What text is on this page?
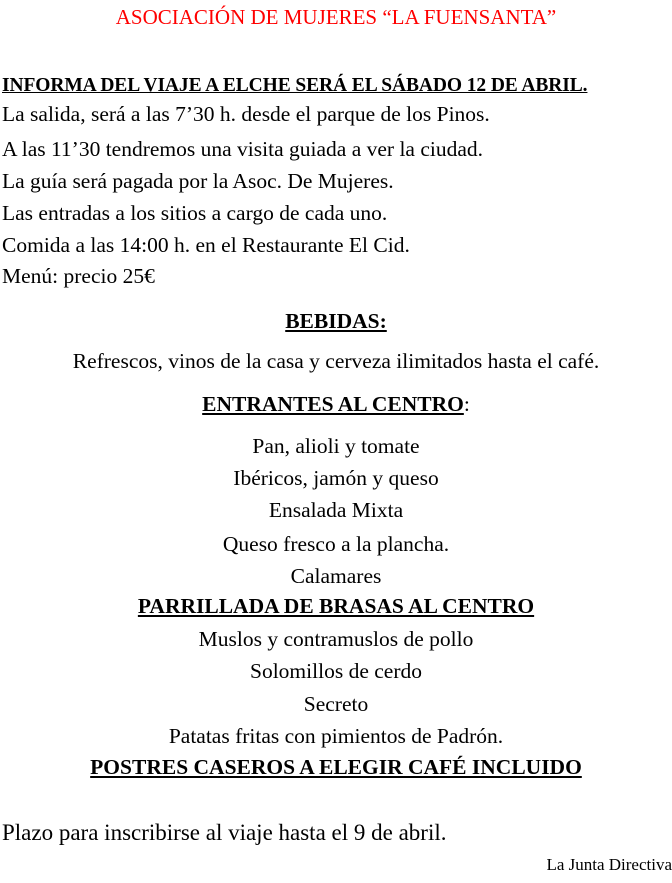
ASOCIACIÓN DE MUJERES “LA FUENSANTA”
INFORMA DEL VIAJE A ELCHE SERÁ EL SÁBADO 12 DE ABRIL.
La salida, será a las 7’30 h. desde el parque de los Pinos.
A las 11’30 tendremos una visita guiada a ver la ciudad.
La guía será pagada por la Asoc. De Mujeres.
Las entradas a los sitios a cargo de cada uno.
Comida a las 14:00 h. en el Restaurante El Cid.
Menú: precio 25€
BEBIDAS:
Refrescos, vinos de la casa y cerveza ilimitados hasta el café.
ENTRANTES AL CENTRO:
Pan, alioli y tomate
Ibéricos, jamón y queso
Ensalada Mixta
Queso fresco a la plancha.
Calamares
PARRILLADA DE BRASAS AL CENTRO
Muslos y contramuslos de pollo
Solomillos de cerdo
Secreto
Patatas fritas con pimientos de Padrón.
POSTRES CASEROS A ELEGIR CAFÉ INCLUIDO
Plazo para inscribirse al viaje hasta el 9 de abril.
La Junta Directiva
